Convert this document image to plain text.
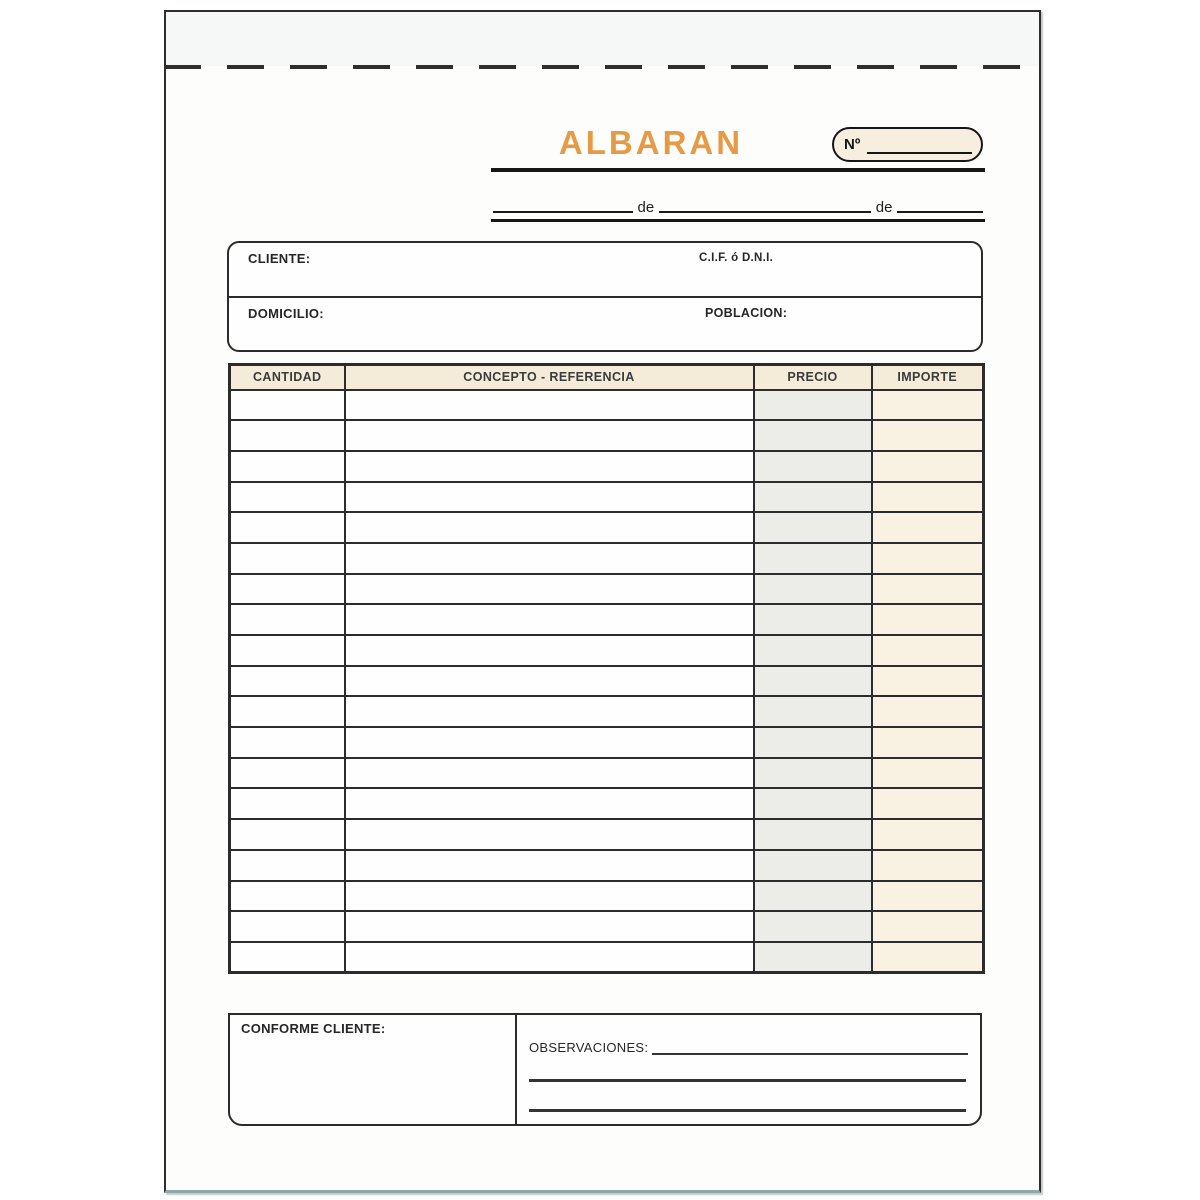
ALBARAN	Nº
de	de
CLIENTE:	C.I.F. ó D.N.I.
DOMICILIO:	POBLACION:
CANTIDAD	CONCEPTO - REFERENCIA	PRECIO	IMPORTE

CONFORME CLIENTE:
OBSERVACIONES:
